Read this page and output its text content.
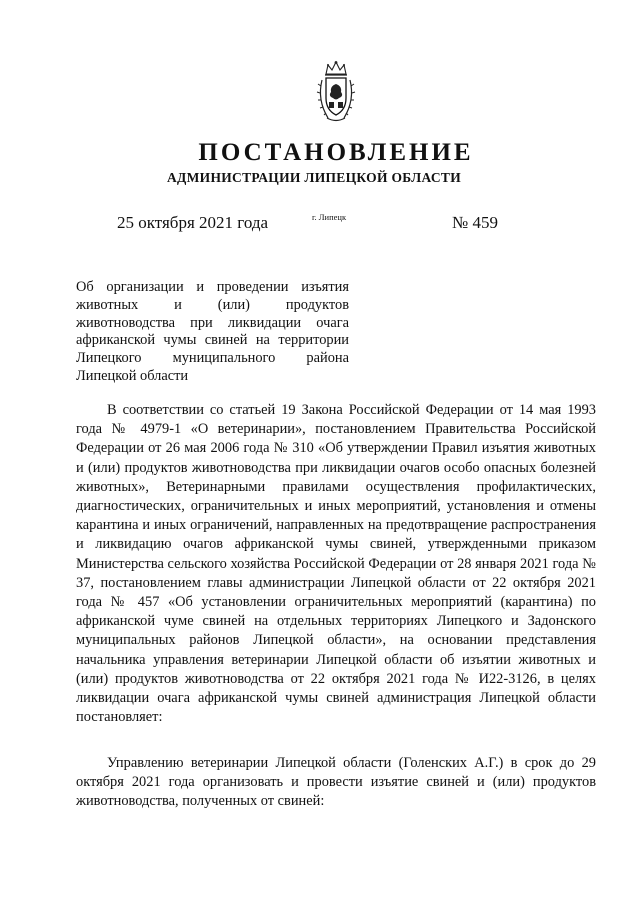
ПОСТАНОВЛЕНИЕ
АДМИНИСТРАЦИИ ЛИПЕЦКОЙ ОБЛАСТИ
25 октября 2021 года	г. Липецк	№ 459

Об организации и проведении изъятия животных и (или) продуктов животноводства при ликвидации очага африканской чумы свиней на территории Липецкого муниципального района Липецкой области

В соответствии со статьей 19 Закона Российской Федерации от 14 мая 1993 года № 4979-1 «О ветеринарии», постановлением Правительства Российской Федерации от 26 мая 2006 года № 310 «Об утверждении Правил изъятия животных и (или) продуктов животноводства при ликвидации очагов особо опасных болезней животных», Ветеринарными правилами осуществления профилактических, диагностических, ограничительных и иных мероприятий, установления и отмены карантина и иных ограничений, направленных на предотвращение распространения и ликвидацию очагов африканской чумы свиней, утвержденными приказом Министерства сельского хозяйства Российской Федерации от 28 января 2021 года № 37, постановлением главы администрации Липецкой области от 22 октября 2021 года № 457 «Об установлении ограничительных мероприятий (карантина) по африканской чуме свиней на отдельных территориях Липецкого и Задонского муниципальных районов Липецкой области», на основании представления начальника управления ветеринарии Липецкой области об изъятии животных и (или) продуктов животноводства от 22 октября 2021 года № И22-3126, в целях ликвидации очага африканской чумы свиней администрация Липецкой области постановляет:

Управлению ветеринарии Липецкой области (Голенских А.Г.) в срок до 29 октября 2021 года организовать и провести изъятие свиней и (или) продуктов животноводства, полученных от свиней:
